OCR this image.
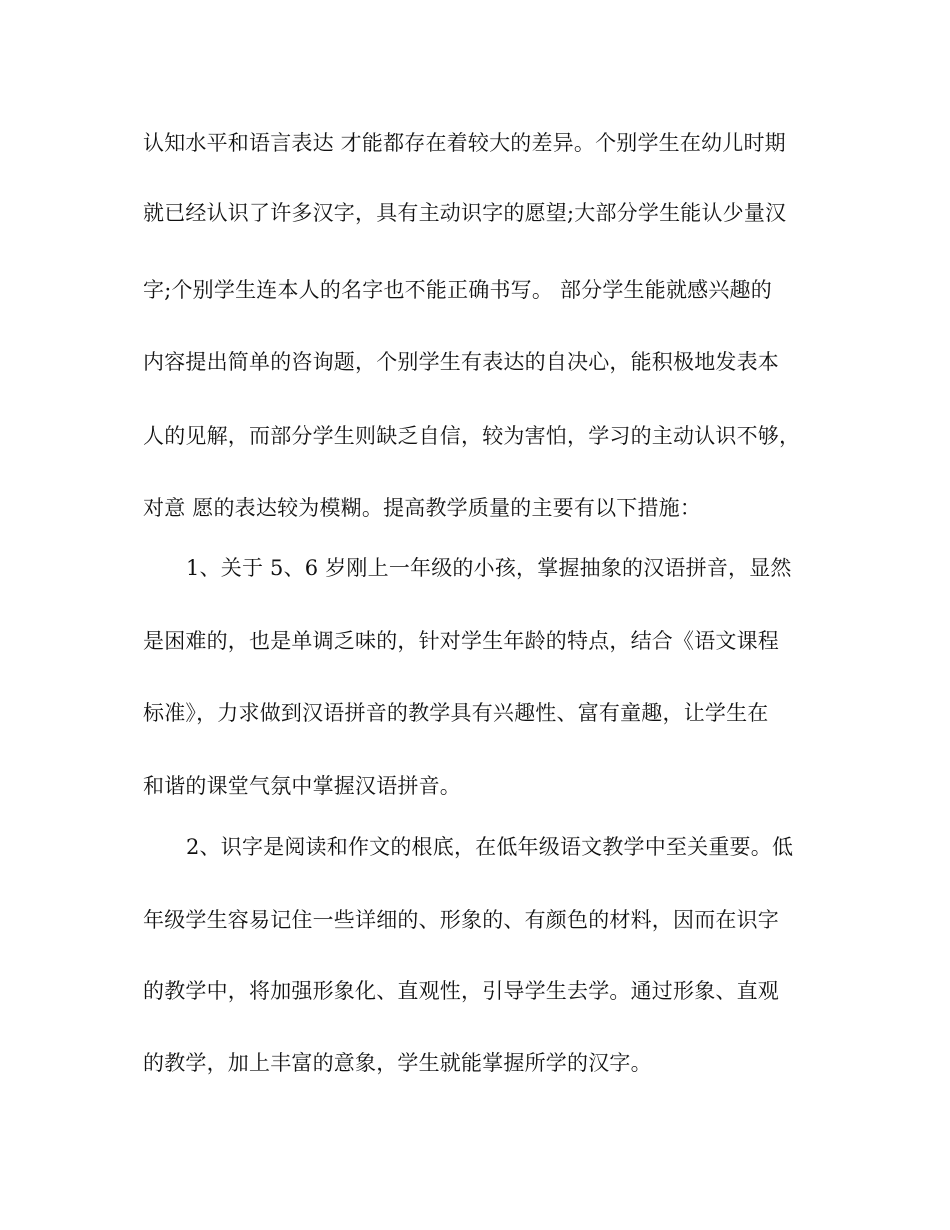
认知水平和语言表达 才能都存在着较大的差异。个别学生在幼儿时期
就已经认识了许多汉字，具有主动识字的愿望;大部分学生能认少量汉
字;个别学生连本人的名字也不能正确书写。 部分学生能就感兴趣的
内容提出简单的咨询题，个别学生有表达的自决心，能积极地发表本
人的见解，而部分学生则缺乏自信，较为害怕，学习的主动认识不够，
对意 愿的表达较为模糊。提高教学质量的主要有以下措施：
1、关于 5、6 岁刚上一年级的小孩，掌握抽象的汉语拼音，显然
是困难的，也是单调乏味的，针对学生年龄的特点，结合《语文课程
标准》，力求做到汉语拼音的教学具有兴趣性、富有童趣，让学生在
和谐的课堂气氛中掌握汉语拼音。
2、识字是阅读和作文的根底，在低年级语文教学中至关重要。低
年级学生容易记住一些详细的、形象的、有颜色的材料，因而在识字
的教学中，将加强形象化、直观性，引导学生去学。通过形象、直观
的教学，加上丰富的意象，学生就能掌握所学的汉字。
